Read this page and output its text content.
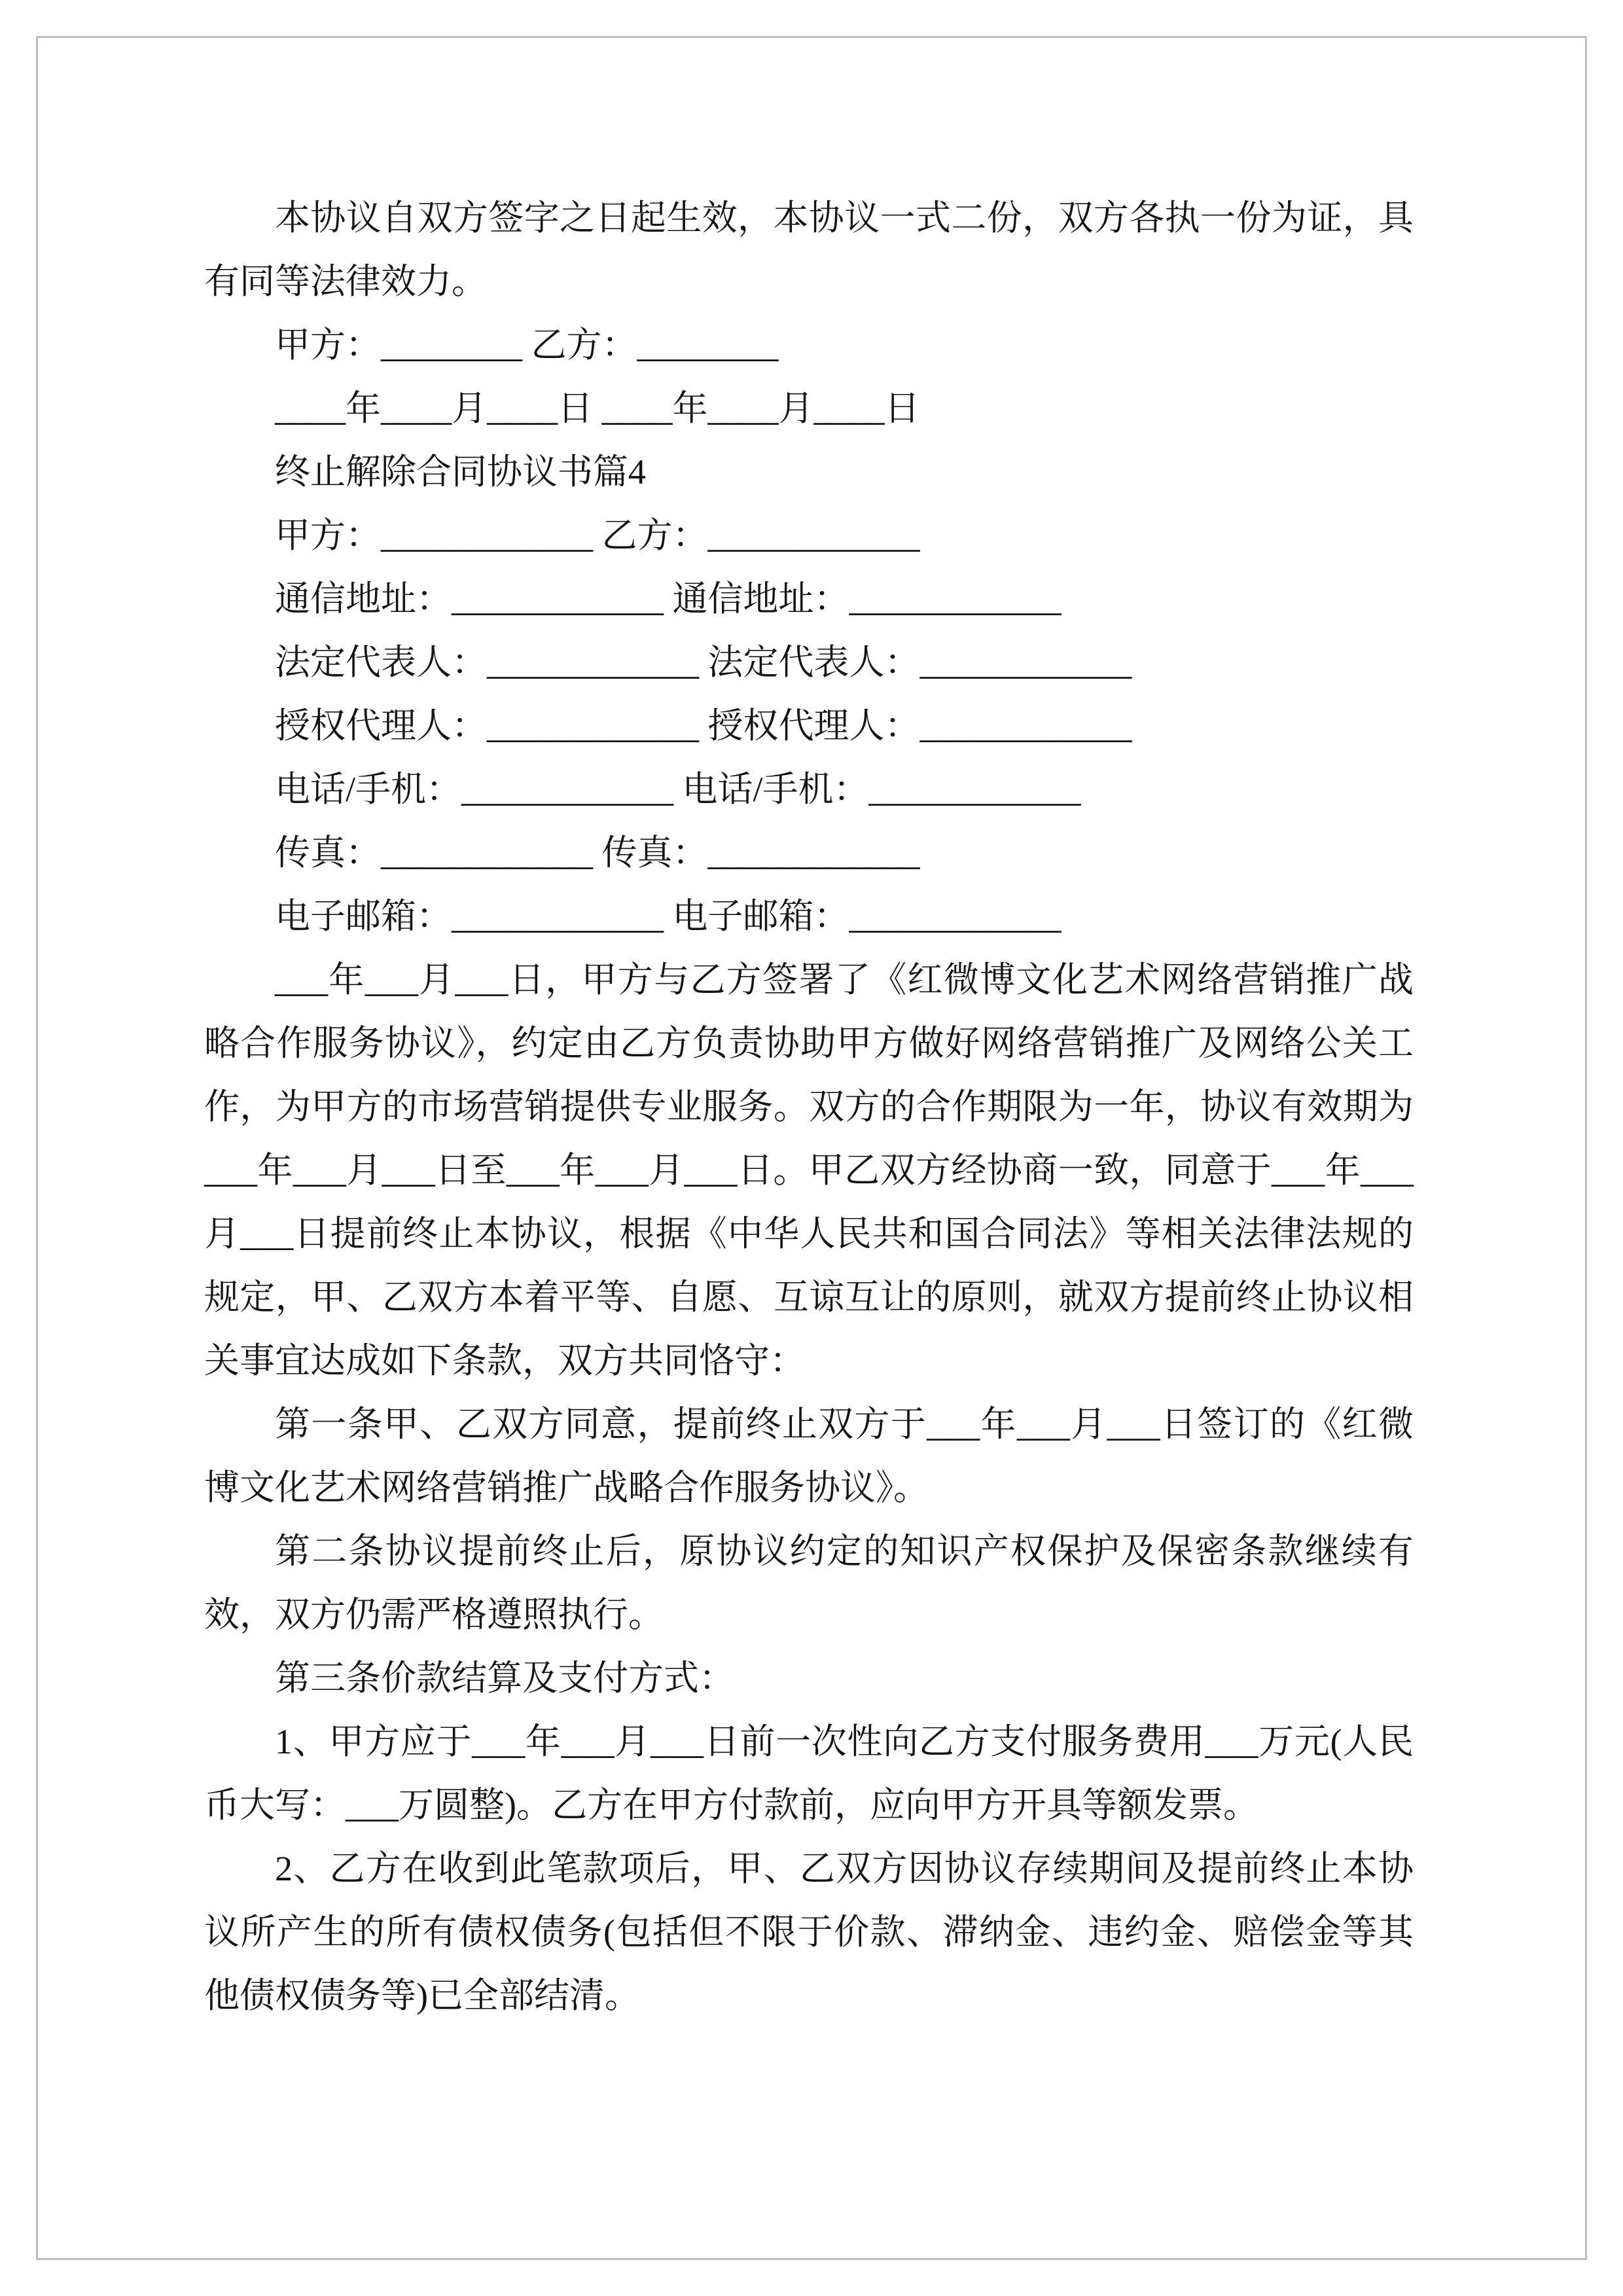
本协议自双方签字之日起生效，本协议一式二份，双方各执一份为证，具有同等法律效力。

甲方：________ 乙方：________

____年____月____日 ____年____月____日

终止解除合同协议书篇4

甲方：____________ 乙方：____________

通信地址：____________ 通信地址：____________

法定代表人：____________ 法定代表人：____________

授权代理人：____________ 授权代理人：____________

电话/手机：____________ 电话/手机：____________

传真：____________ 传真：____________

电子邮箱：____________ 电子邮箱：____________

___年___月___日，甲方与乙方签署了《红微博文化艺术网络营销推广战略合作服务协议》，约定由乙方负责协助甲方做好网络营销推广及网络公关工作，为甲方的市场营销提供专业服务。双方的合作期限为一年，协议有效期为___年___月___日至___年___月___日。甲乙双方经协商一致，同意于___年___月___日提前终止本协议，根据《中华人民共和国合同法》等相关法律法规的规定，甲、乙双方本着平等、自愿、互谅互让的原则，就双方提前终止协议相关事宜达成如下条款，双方共同恪守：

第一条甲、乙双方同意，提前终止双方于___年___月___日签订的《红微博文化艺术网络营销推广战略合作服务协议》。

第二条协议提前终止后，原协议约定的知识产权保护及保密条款继续有效，双方仍需严格遵照执行。

第三条价款结算及支付方式：

1、甲方应于___年___月___日前一次性向乙方支付服务费用___万元(人民币大写：___万圆整)。乙方在甲方付款前，应向甲方开具等额发票。

2、乙方在收到此笔款项后，甲、乙双方因协议存续期间及提前终止本协议所产生的所有债权债务(包括但不限于价款、滞纳金、违约金、赔偿金等其他债权债务等)已全部结清。
